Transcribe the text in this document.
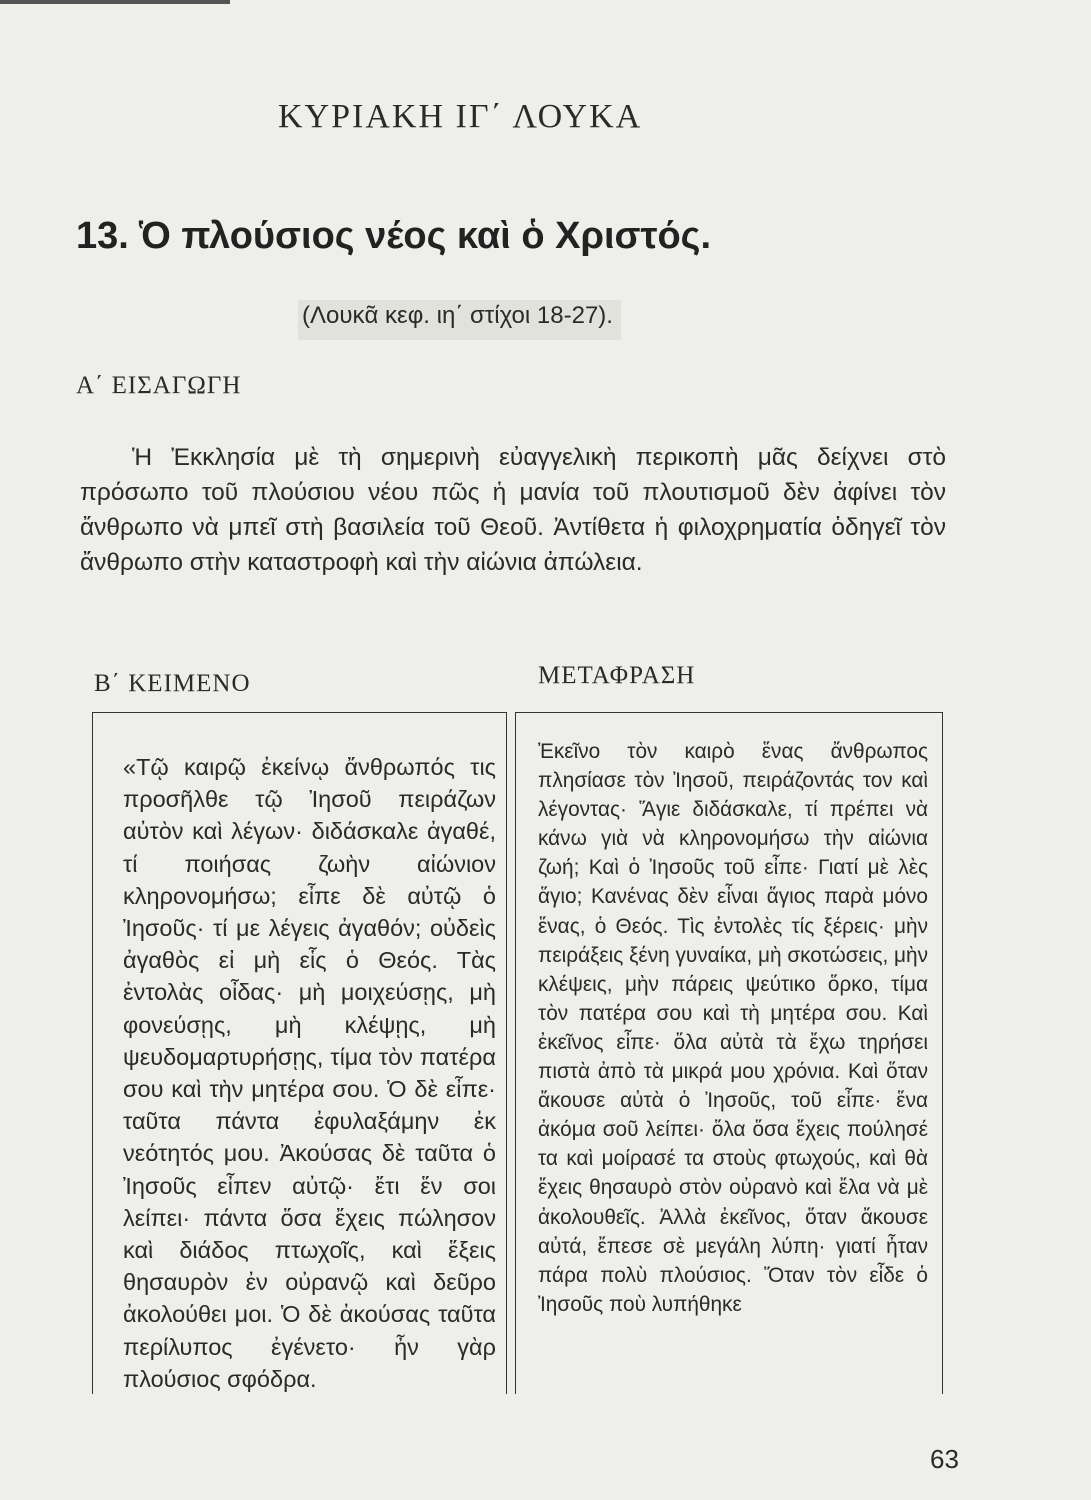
ΚΥΡΙΑΚΗ ΙΓ΄ ΛΟΥΚΑ
13. Ὁ πλούσιος νέος καὶ ὁ Χριστός.
(Λουκᾶ κεφ. ιη΄ στίχοι 18-27).
Α΄ ΕΙΣΑΓΩΓΗ

Ἡ Ἐκκλησία μὲ τὴ σημερινὴ εὐαγγελικὴ περικοπὴ μᾶς δείχνει στὸ πρόσωπο τοῦ πλούσιου νέου πῶς ἡ μανία τοῦ πλουτισμοῦ δὲν ἀφίνει τὸν ἄνθρωπο νὰ μπεῖ στὴ βασιλεία τοῦ Θεοῦ. Ἀντίθετα ἡ φιλοχρηματία ὁδηγεῖ τὸν ἄνθρωπο στὴν καταστροφὴ καὶ τὴν αἰώνια ἀπώλεια.

Β΄ ΚΕΙΜΕΝΟ	ΜΕΤΑΦΡΑΣΗ

«Τῷ καιρῷ ἐκείνῳ ἄνθρωπός τις προσῆλθε τῷ Ἰησοῦ πειράζων αὐτὸν καὶ λέγων· διδάσκαλε ἀγαθέ, τί ποιήσας ζωὴν αἰώνιον κληρονομήσω; εἶπε δὲ αὐτῷ ὁ Ἰησοῦς· τί με λέγεις ἀγαθόν; οὐδεὶς ἀγαθὸς εἰ μὴ εἷς ὁ Θεός. Τὰς ἐντολὰς οἶδας· μὴ μοιχεύσῃς, μὴ φονεύσῃς, μὴ κλέψῃς, μὴ ψευδομαρτυρήσῃς, τίμα τὸν πατέρα σου καὶ τὴν μητέρα σου. Ὁ δὲ εἶπε· ταῦτα πάντα ἐφυλαξάμην ἐκ νεότητός μου. Ἀκούσας δὲ ταῦτα ὁ Ἰησοῦς εἶπεν αὐτῷ· ἔτι ἕν σοι λείπει· πάντα ὅσα ἔχεις πώλησον καὶ διάδος πτωχοῖς, καὶ ἕξεις θησαυρὸν ἐν οὐρανῷ καὶ δεῦρο ἀκολούθει μοι. Ὁ δὲ ἀκούσας ταῦτα περίλυπος ἐγένετο· ἦν γὰρ πλούσιος σφόδρα.

Ἐκεῖνο τὸν καιρὸ ἕνας ἄνθρωπος πλησίασε τὸν Ἰησοῦ, πειράζοντάς τον καὶ λέγοντας· Ἅγιε διδάσκαλε, τί πρέπει νὰ κάνω γιὰ νὰ κληρονομήσω τὴν αἰώνια ζωή; Καὶ ὁ Ἰησοῦς τοῦ εἶπε· Γιατί μὲ λὲς ἅγιο; Κανένας δὲν εἶναι ἅγιος παρὰ μόνο ἕνας, ὁ Θεός. Τὶς ἐντολὲς τίς ξέρεις· μὴν πειράξεις ξένη γυναίκα, μὴ σκοτώσεις, μὴν κλέψεις, μὴν πάρεις ψεύτικο ὅρκο, τίμα τὸν πατέρα σου καὶ τὴ μητέρα σου. Καὶ ἐκεῖνος εἶπε· ὅλα αὐτὰ τὰ ἔχω τηρήσει πιστὰ ἀπὸ τὰ μικρά μου χρόνια. Καὶ ὅταν ἄκουσε αὐτὰ ὁ Ἰησοῦς, τοῦ εἶπε· ἕνα ἀκόμα σοῦ λείπει· ὅλα ὅσα ἔχεις πούλησέ τα καὶ μοίρασέ τα στοὺς φτωχούς, καὶ θὰ ἔχεις θησαυρὸ στὸν οὐρανὸ καὶ ἔλα νὰ μὲ ἀκολουθεῖς. Ἀλλὰ ἐκεῖνος, ὅταν ἄκουσε αὐτά, ἔπεσε σὲ μεγάλη λύπη· γιατί ἦταν πάρα πολὺ πλούσιος. Ὅταν τὸν εἶδε ὁ Ἰησοῦς ποὺ λυπήθηκε

63
